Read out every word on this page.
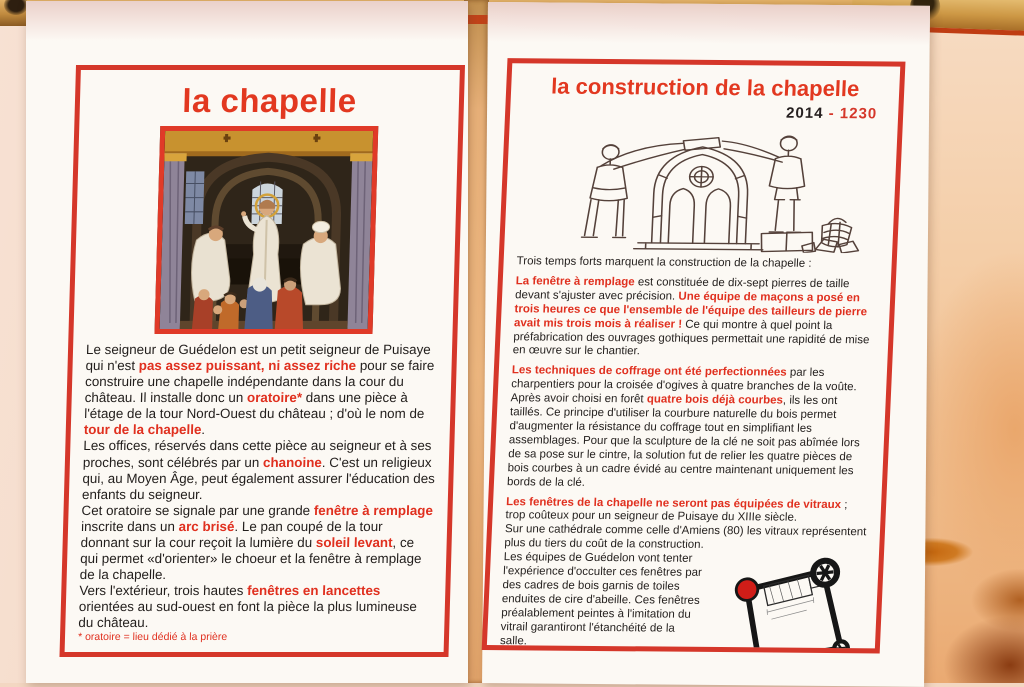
la chapelle

Le seigneur de Guédelon est un petit seigneur de Puisaye qui n'est pas assez puissant, ni assez riche pour se faire construire une chapelle indépendante dans la cour du château. Il installe donc un oratoire* dans une pièce à l'étage de la tour Nord-Ouest du château ; d'où le nom de tour de la chapelle.

Les offices, réservés dans cette pièce au seigneur et à ses proches, sont célébrés par un chanoine. C'est un religieux qui, au Moyen Âge, peut également assurer l'éducation des enfants du seigneur.

Cet oratoire se signale par une grande fenêtre à remplage inscrite dans un arc brisé. Le pan coupé de la tour donnant sur la cour reçoit la lumière du soleil levant, ce qui permet «d'orienter» le choeur et la fenêtre à remplage de la chapelle.

Vers l'extérieur, trois hautes fenêtres en lancettes orientées au sud-ouest en font la pièce la plus lumineuse du château.

* oratoire = lieu dédié à la prière

la construction de la chapelle
2014 - 1230

Trois temps forts marquent la construction de la chapelle :

La fenêtre à remplage est constituée de dix-sept pierres de taille devant s'ajuster avec précision. Une équipe de maçons a posé en trois heures ce que l'ensemble de l'équipe des tailleurs de pierre avait mis trois mois à réaliser ! Ce qui montre à quel point la préfabrication des ouvrages gothiques permettait une rapidité de mise en œuvre sur le chantier.

Les techniques de coffrage ont été perfectionnées par les charpentiers pour la croisée d'ogives à quatre branches de la voûte. Après avoir choisi en forêt quatre bois déjà courbes, ils les ont taillés. Ce principe d'utiliser la courbure naturelle du bois permet d'augmenter la résistance du coffrage tout en simplifiant les assemblages. Pour que la sculpture de la clé ne soit pas abîmée lors de sa pose sur le cintre, la solution fut de relier les quatre pièces de bois courbes à un cadre évidé au centre maintenant uniquement les bords de la clé.

Les fenêtres de la chapelle ne seront pas équipées de vitraux ; trop coûteux pour un seigneur de Puisaye du XIIIe siècle.
Sur une cathédrale comme celle d'Amiens (80) les vitraux représentent plus du tiers du coût de la construction.

Les équipes de Guédelon vont tenter l'expérience d'occulter ces fenêtres par des cadres de bois garnis de toiles enduites de cire d'abeille. Ces fenêtres préalablement peintes à l'imitation du vitrail garantiront l'étanchéité de la salle.
